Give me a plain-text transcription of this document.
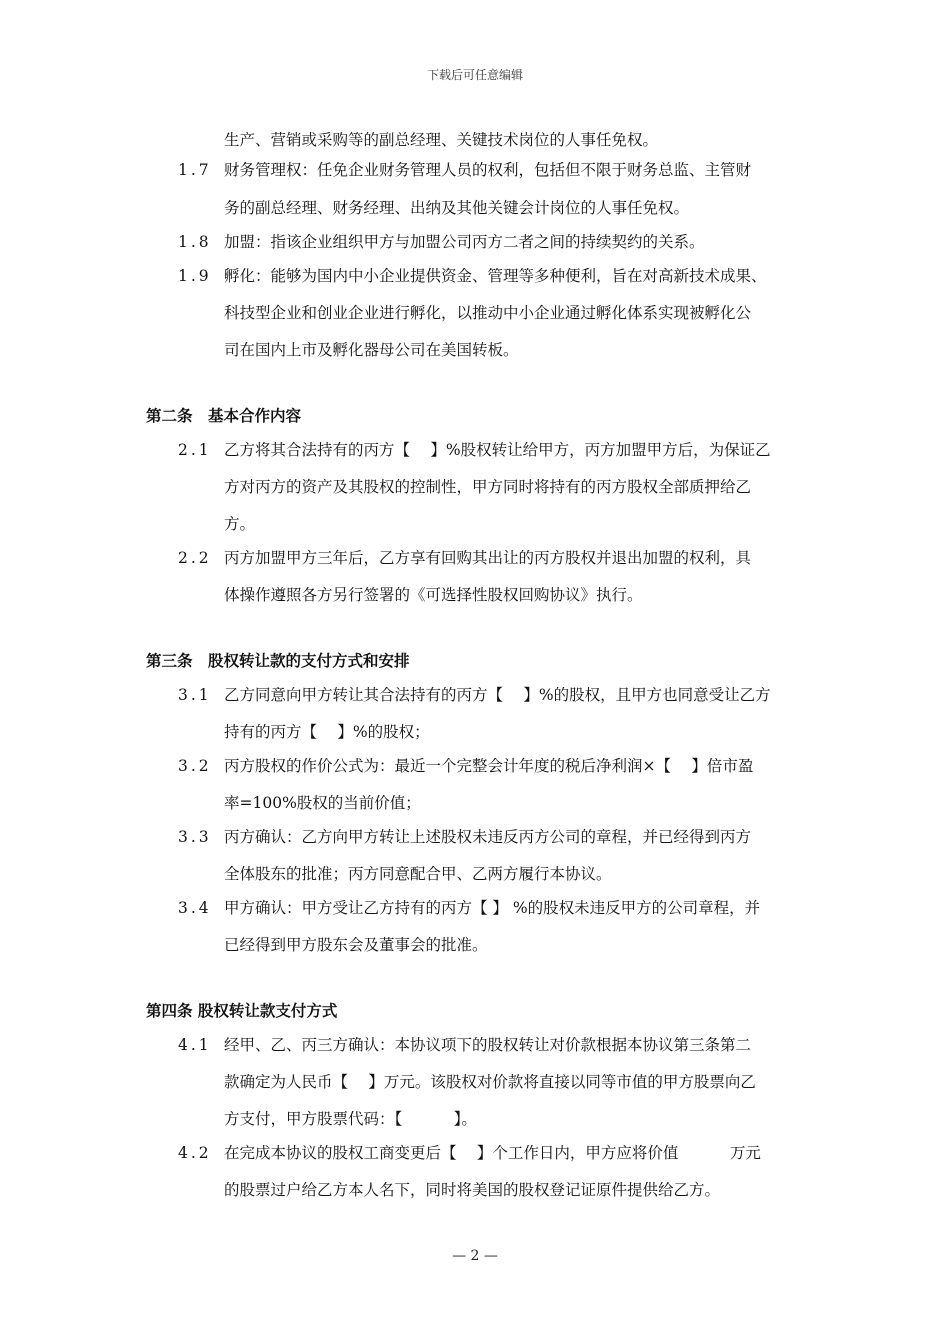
下载后可任意编辑
生产、营销或采购等的副总经理、关键技术岗位的人事任免权。
1.7 财务管理权：任免企业财务管理人员的权利，包括但不限于财务总监、主管财
务的副总经理、财务经理、出纳及其他关键会计岗位的人事任免权。
1.8 加盟：指该企业组织甲方与加盟公司丙方二者之间的持续契约的关系。
1.9 孵化：能够为国内中小企业提供资金、管理等多种便利，旨在对高新技术成果、
科技型企业和创业企业进行孵化，以推动中小企业通过孵化体系实现被孵化公
司在国内上市及孵化器母公司在美国转板。
第二条　基本合作内容
2.1 乙方将其合法持有的丙方【　 】%股权转让给甲方，丙方加盟甲方后，为保证乙
方对丙方的资产及其股权的控制性，甲方同时将持有的丙方股权全部质押给乙
方。
2.2 丙方加盟甲方三年后，乙方享有回购其出让的丙方股权并退出加盟的权利，具
体操作遵照各方另行签署的《可选择性股权回购协议》执行。
第三条　股权转让款的支付方式和安排
3.1 乙方同意向甲方转让其合法持有的丙方【　 】%的股权，且甲方也同意受让乙方
持有的丙方【　 】%的股权；
3.2 丙方股权的作价公式为：最近一个完整会计年度的税后净利润×【　 】倍市盈
率=100%股权的当前价值；
3.3 丙方确认：乙方向甲方转让上述股权未违反丙方公司的章程，并已经得到丙方
全体股东的批准；丙方同意配合甲、乙两方履行本协议。
3.4 甲方确认：甲方受让乙方持有的丙方【 】 %的股权未违反甲方的公司章程，并
已经得到甲方股东会及董事会的批准。
第四条 股权转让款支付方式
4.1 经甲、乙、丙三方确认：本协议项下的股权转让对价款根据本协议第三条第二
款确定为人民币【　 】万元。该股权对价款将直接以同等市值的甲方股票向乙
方支付，甲方股票代码：【　　　 】。
4.2 在完成本协议的股权工商变更后【　 】个工作日内，甲方应将价值　　　 万元
的股票过户给乙方本人名下，同时将美国的股权登记证原件提供给乙方。
— 2 —
